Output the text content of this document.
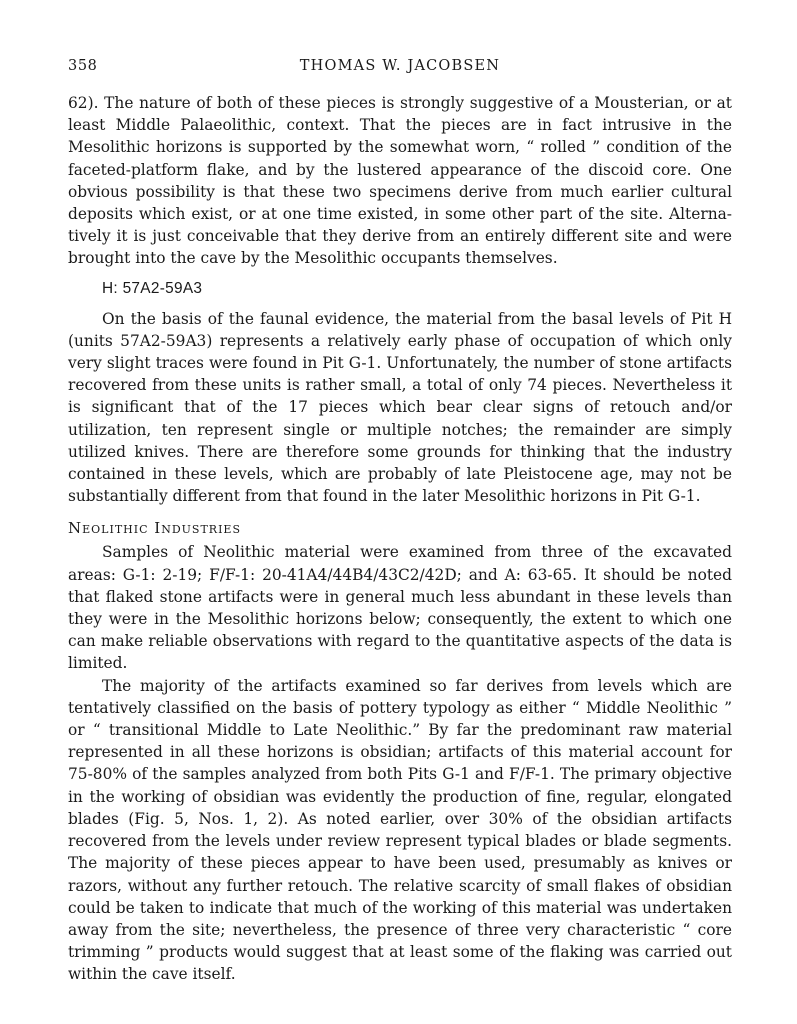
358	THOMAS W. JACOBSEN

62). The nature of both of these pieces is strongly suggestive of a Mousterian, or at least Middle Palaeolithic, context. That the pieces are in fact intrusive in the Mesolithic horizons is supported by the somewhat worn, “ rolled ” condition of the faceted-platform flake, and by the lustered appearance of the discoid core. One obvious possibility is that these two specimens derive from much earlier cultural deposits which exist, or at one time existed, in some other part of the site. Alternatively it is just conceivable that they derive from an entirely different site and were brought into the cave by the Mesolithic occupants themselves.

H: 57A2-59A3

On the basis of the faunal evidence, the material from the basal levels of Pit H (units 57A2-59A3) represents a relatively early phase of occupation of which only very slight traces were found in Pit G-1. Unfortunately, the number of stone artifacts recovered from these units is rather small, a total of only 74 pieces. Nevertheless it is significant that of the 17 pieces which bear clear signs of retouch and/or utilization, ten represent single or multiple notches; the remainder are simply utilized knives. There are therefore some grounds for thinking that the industry contained in these levels, which are probably of late Pleistocene age, may not be substantially different from that found in the later Mesolithic horizons in Pit G-1.

Neolithic Industries

Samples of Neolithic material were examined from three of the excavated areas: G-1: 2-19; F/F-1: 20-41A4/44B4/43C2/42D; and A: 63-65. It should be noted that flaked stone artifacts were in general much less abundant in these levels than they were in the Mesolithic horizons below; consequently, the extent to which one can make reliable observations with regard to the quantitative aspects of the data is limited.

The majority of the artifacts examined so far derives from levels which are tentatively classified on the basis of pottery typology as either “ Middle Neolithic ” or “ transitional Middle to Late Neolithic.” By far the predominant raw material represented in all these horizons is obsidian; artifacts of this material account for 75-80% of the samples analyzed from both Pits G-1 and F/F-1. The primary objective in the working of obsidian was evidently the production of fine, regular, elongated blades (Fig. 5, Nos. 1, 2). As noted earlier, over 30% of the obsidian artifacts recovered from the levels under review represent typical blades or blade segments. The majority of these pieces appear to have been used, presumably as knives or razors, without any further retouch. The relative scarcity of small flakes of obsidian could be taken to indicate that much of the working of this material was undertaken away from the site; nevertheless, the presence of three very characteristic “ core trimming ” products would suggest that at least some of the flaking was carried out within the cave itself.
